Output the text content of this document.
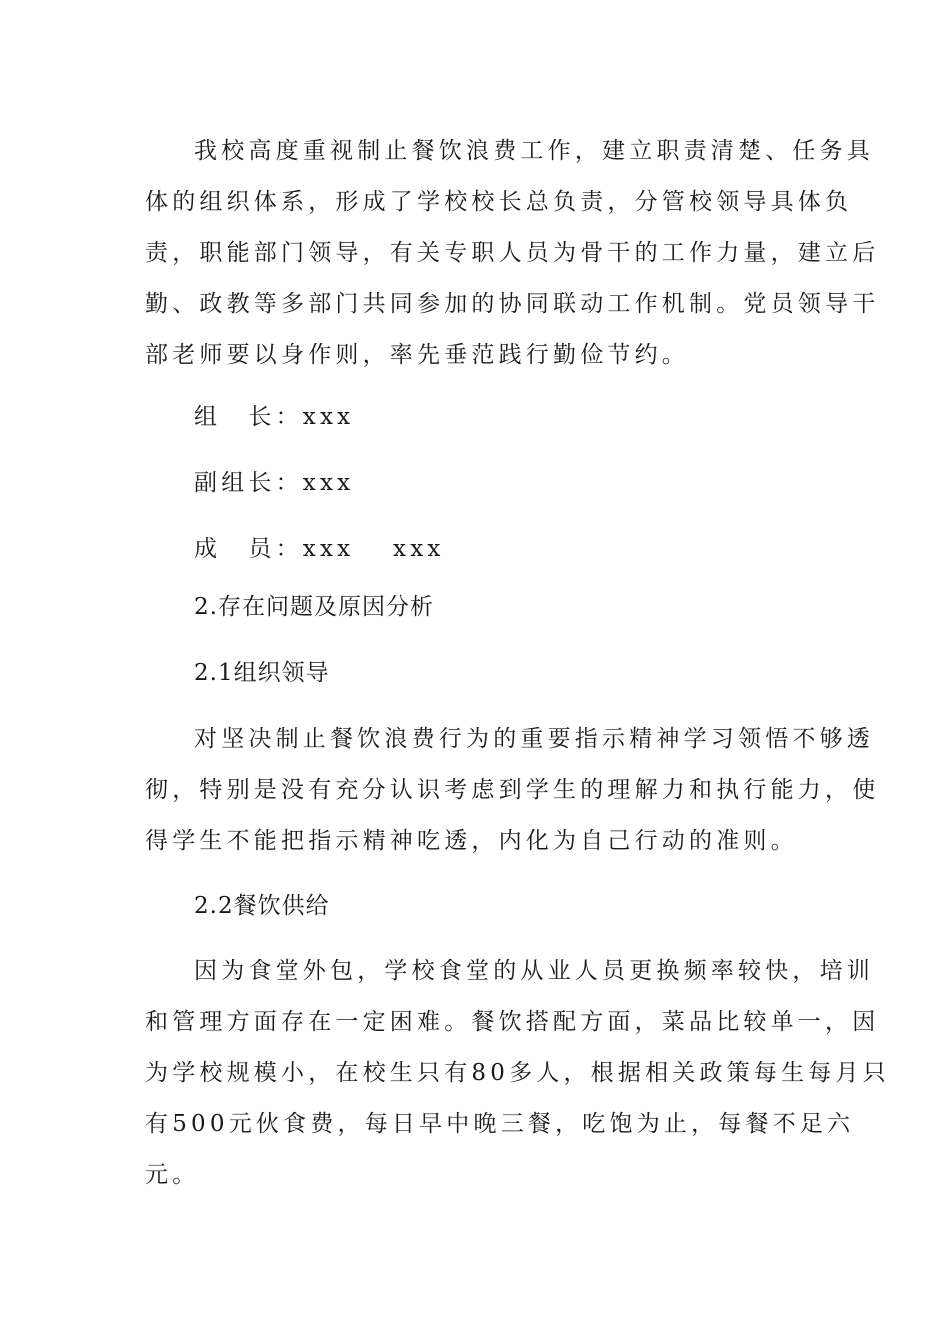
我校高度重视制止餐饮浪费工作，建立职责清楚、任务具
体的组织体系，形成了学校校长总负责，分管校领导具体负
责，职能部门领导，有关专职人员为骨干的工作力量，建立后
勤、政教等多部门共同参加的协同联动工作机制。党员领导干
部老师要以身作则，率先垂范践行勤俭节约。
组　长：xxx
副组长：xxx
成　员：xxx　 xxx
2.存在问题及原因分析
2.1组织领导
对坚决制止餐饮浪费行为的重要指示精神学习领悟不够透
彻，特别是没有充分认识考虑到学生的理解力和执行能力，使
得学生不能把指示精神吃透，内化为自己行动的准则。
2.2餐饮供给
因为食堂外包，学校食堂的从业人员更换频率较快，培训
和管理方面存在一定困难。餐饮搭配方面，菜品比较单一，因
为学校规模小，在校生只有80多人，根据相关政策每生每月只
有500元伙食费，每日早中晚三餐，吃饱为止，每餐不足六
元。
